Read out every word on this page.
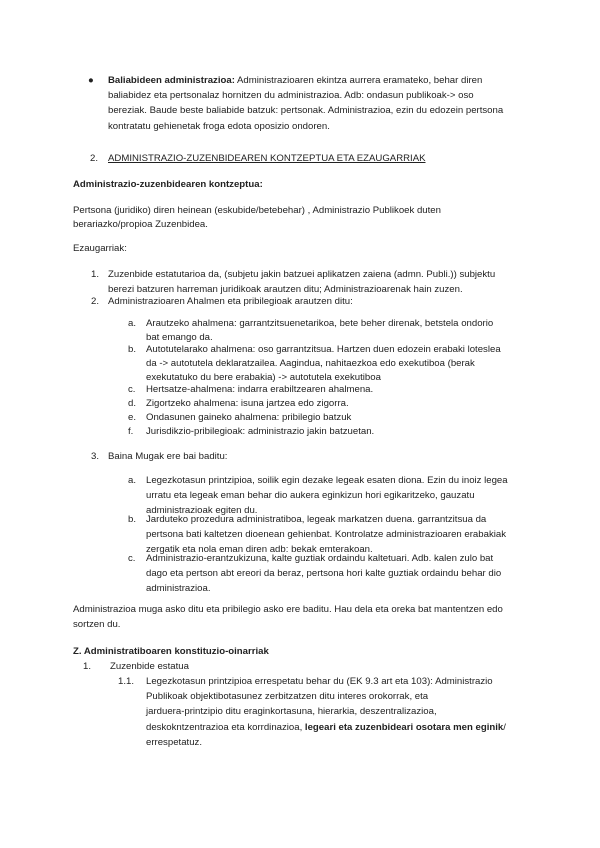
● Baliabideen administrazioa: Administrazioaren ekintza aurrera eramateko, behar diren
baliabidez eta pertsonalaz hornitzen du administrazioa. Adb: ondasun publikoak-> oso
bereziak. Baude beste baliabide batzuk: pertsonak. Administrazioa, ezin du edozein pertsona
kontratatu gehienetak froga edota oposizio ondoren.
2. ADMINISTRAZIO-ZUZENBIDEAREN KONTZEPTUA ETA EZAUGARRIAK
Administrazio-zuzenbidearen kontzeptua:
Pertsona (juridiko) diren heinean (eskubide/betebehar) , Administrazio Publikoek duten
berariazko/propioa Zuzenbidea.
Ezaugarriak:
1. Zuzenbide estatutarioa da, (subjetu jakin batzuei aplikatzen zaiena (admn. Publi.)) subjektu
berezi batzuren harreman juridikoak arautzen ditu; Administrazioarenak hain zuzen.
2. Administrazioaren Ahalmen eta pribilegioak arautzen ditu:
a. Arautzeko ahalmena: garrantzitsuenetarikoa, bete beher direnak, betstela ondorio
bat emango da.
b. Autotutelarako ahalmena: oso garrantzitsua. Hartzen duen edozein erabaki loteslea
da -> autotutela deklaratzailea. Aagindua, nahitaezkoa edo exekutiboa (berak
exekutatuko du bere erabakia) -> autotutela exekutiboa
c. Hertsatze-ahalmena: indarra erabiltzearen ahalmena.
d. Zigortzeko ahalmena: isuna jartzea edo zigorra.
e. Ondasunen gaineko ahalmena: pribilegio batzuk
f. Jurisdikzio-pribilegioak: administrazio jakin batzuetan.
3. Baina Mugak ere bai baditu:
a. Legezkotasun printzipioa, soilik egin dezake legeak esaten diona. Ezin du inoiz legea
urratu eta legeak eman behar dio aukera eginkizun hori egikaritzeko, gauzatu
administrazioak egiten du.
b. Jarduteko prozedura administratiboa, legeak markatzen duena. garrantzitsua da
pertsona bati kaltetzen dioenean gehienbat. Kontrolatze administrazioaren erabakiak
zergatik eta nola eman diren adb: bekak emterakoan.
c. Administrazio-erantzukizuna, kalte guztiak ordaindu kaltetuari. Adb. kalen zulo bat
dago eta pertson abt ereori da beraz, pertsona hori kalte guztiak ordaindu behar dio
administrazioa.
Administrazioa muga asko ditu eta pribilegio asko ere baditu. Hau dela eta oreka bat mantentzen edo
sortzen du.
Z. Administratiboaren konstituzio-oinarriak
1. Zuzenbide estatua
1.1. Legezkotasun printzipioa errespetatu behar du (EK 9.3 art eta 103): Administrazio
Publikoak objektibotasunez zerbitzatzen ditu interes orokorrak, eta
jarduera-printzipio ditu eraginkortasuna, hierarkia, deszentralizazioa,
deskokntzentrazioa eta korrdinazioa, legeari eta zuzenbideari osotara men eginik/
errespetatuz.
